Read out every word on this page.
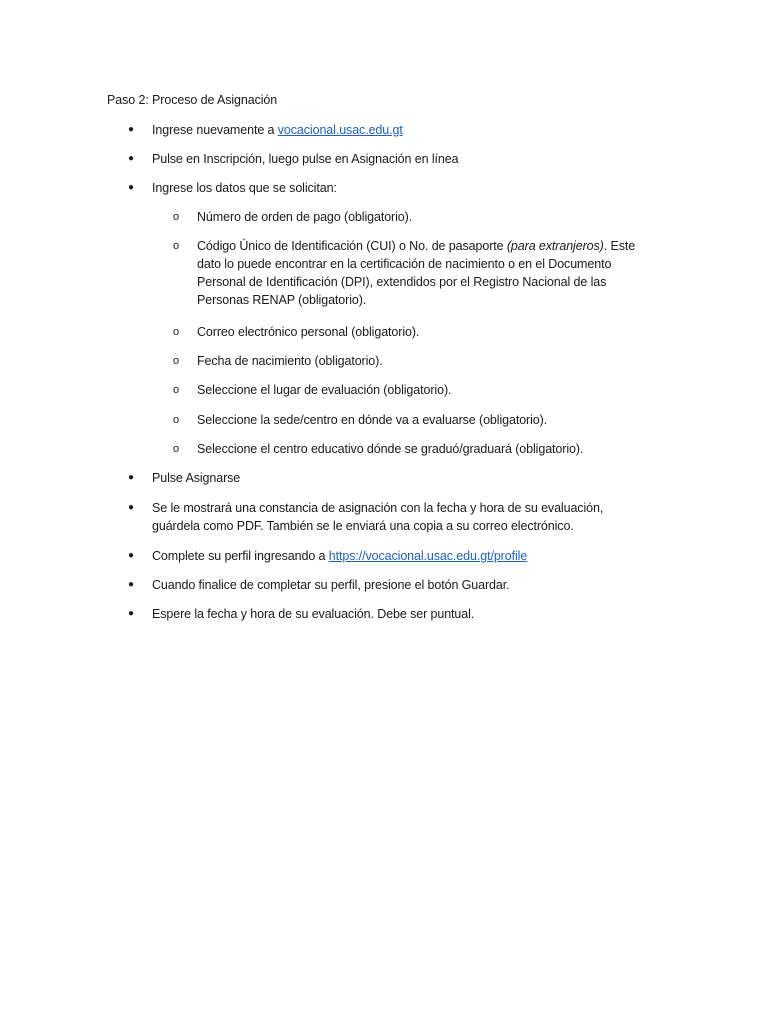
Paso 2: Proceso de Asignación
●	Ingrese nuevamente a vocacional.usac.edu.gt
●	Pulse en Inscripción, luego pulse en Asignación en línea
●	Ingrese los datos que se solicitan:
o Número de orden de pago (obligatorio).
o Código Único de Identificación (CUI) o No. de pasaporte (para extranjeros). Este dato lo puede encontrar en la certificación de nacimiento o en el Documento Personal de Identificación (DPI), extendidos por el Registro Nacional de las Personas RENAP (obligatorio).
o Correo electrónico personal (obligatorio).
o Fecha de nacimiento (obligatorio).
o Seleccione el lugar de evaluación (obligatorio).
o Seleccione la sede/centro en dónde va a evaluarse (obligatorio).
o Seleccione el centro educativo dónde se graduó/graduará (obligatorio).
●	Pulse Asignarse
●	Se le mostrará una constancia de asignación con la fecha y hora de su evaluación, guárdela como PDF. También se le enviará una copia a su correo electrónico.
●	Complete su perfil ingresando a https://vocacional.usac.edu.gt/profile
●	Cuando finalice de completar su perfil, presione el botón Guardar.
●	Espere la fecha y hora de su evaluación. Debe ser puntual.
